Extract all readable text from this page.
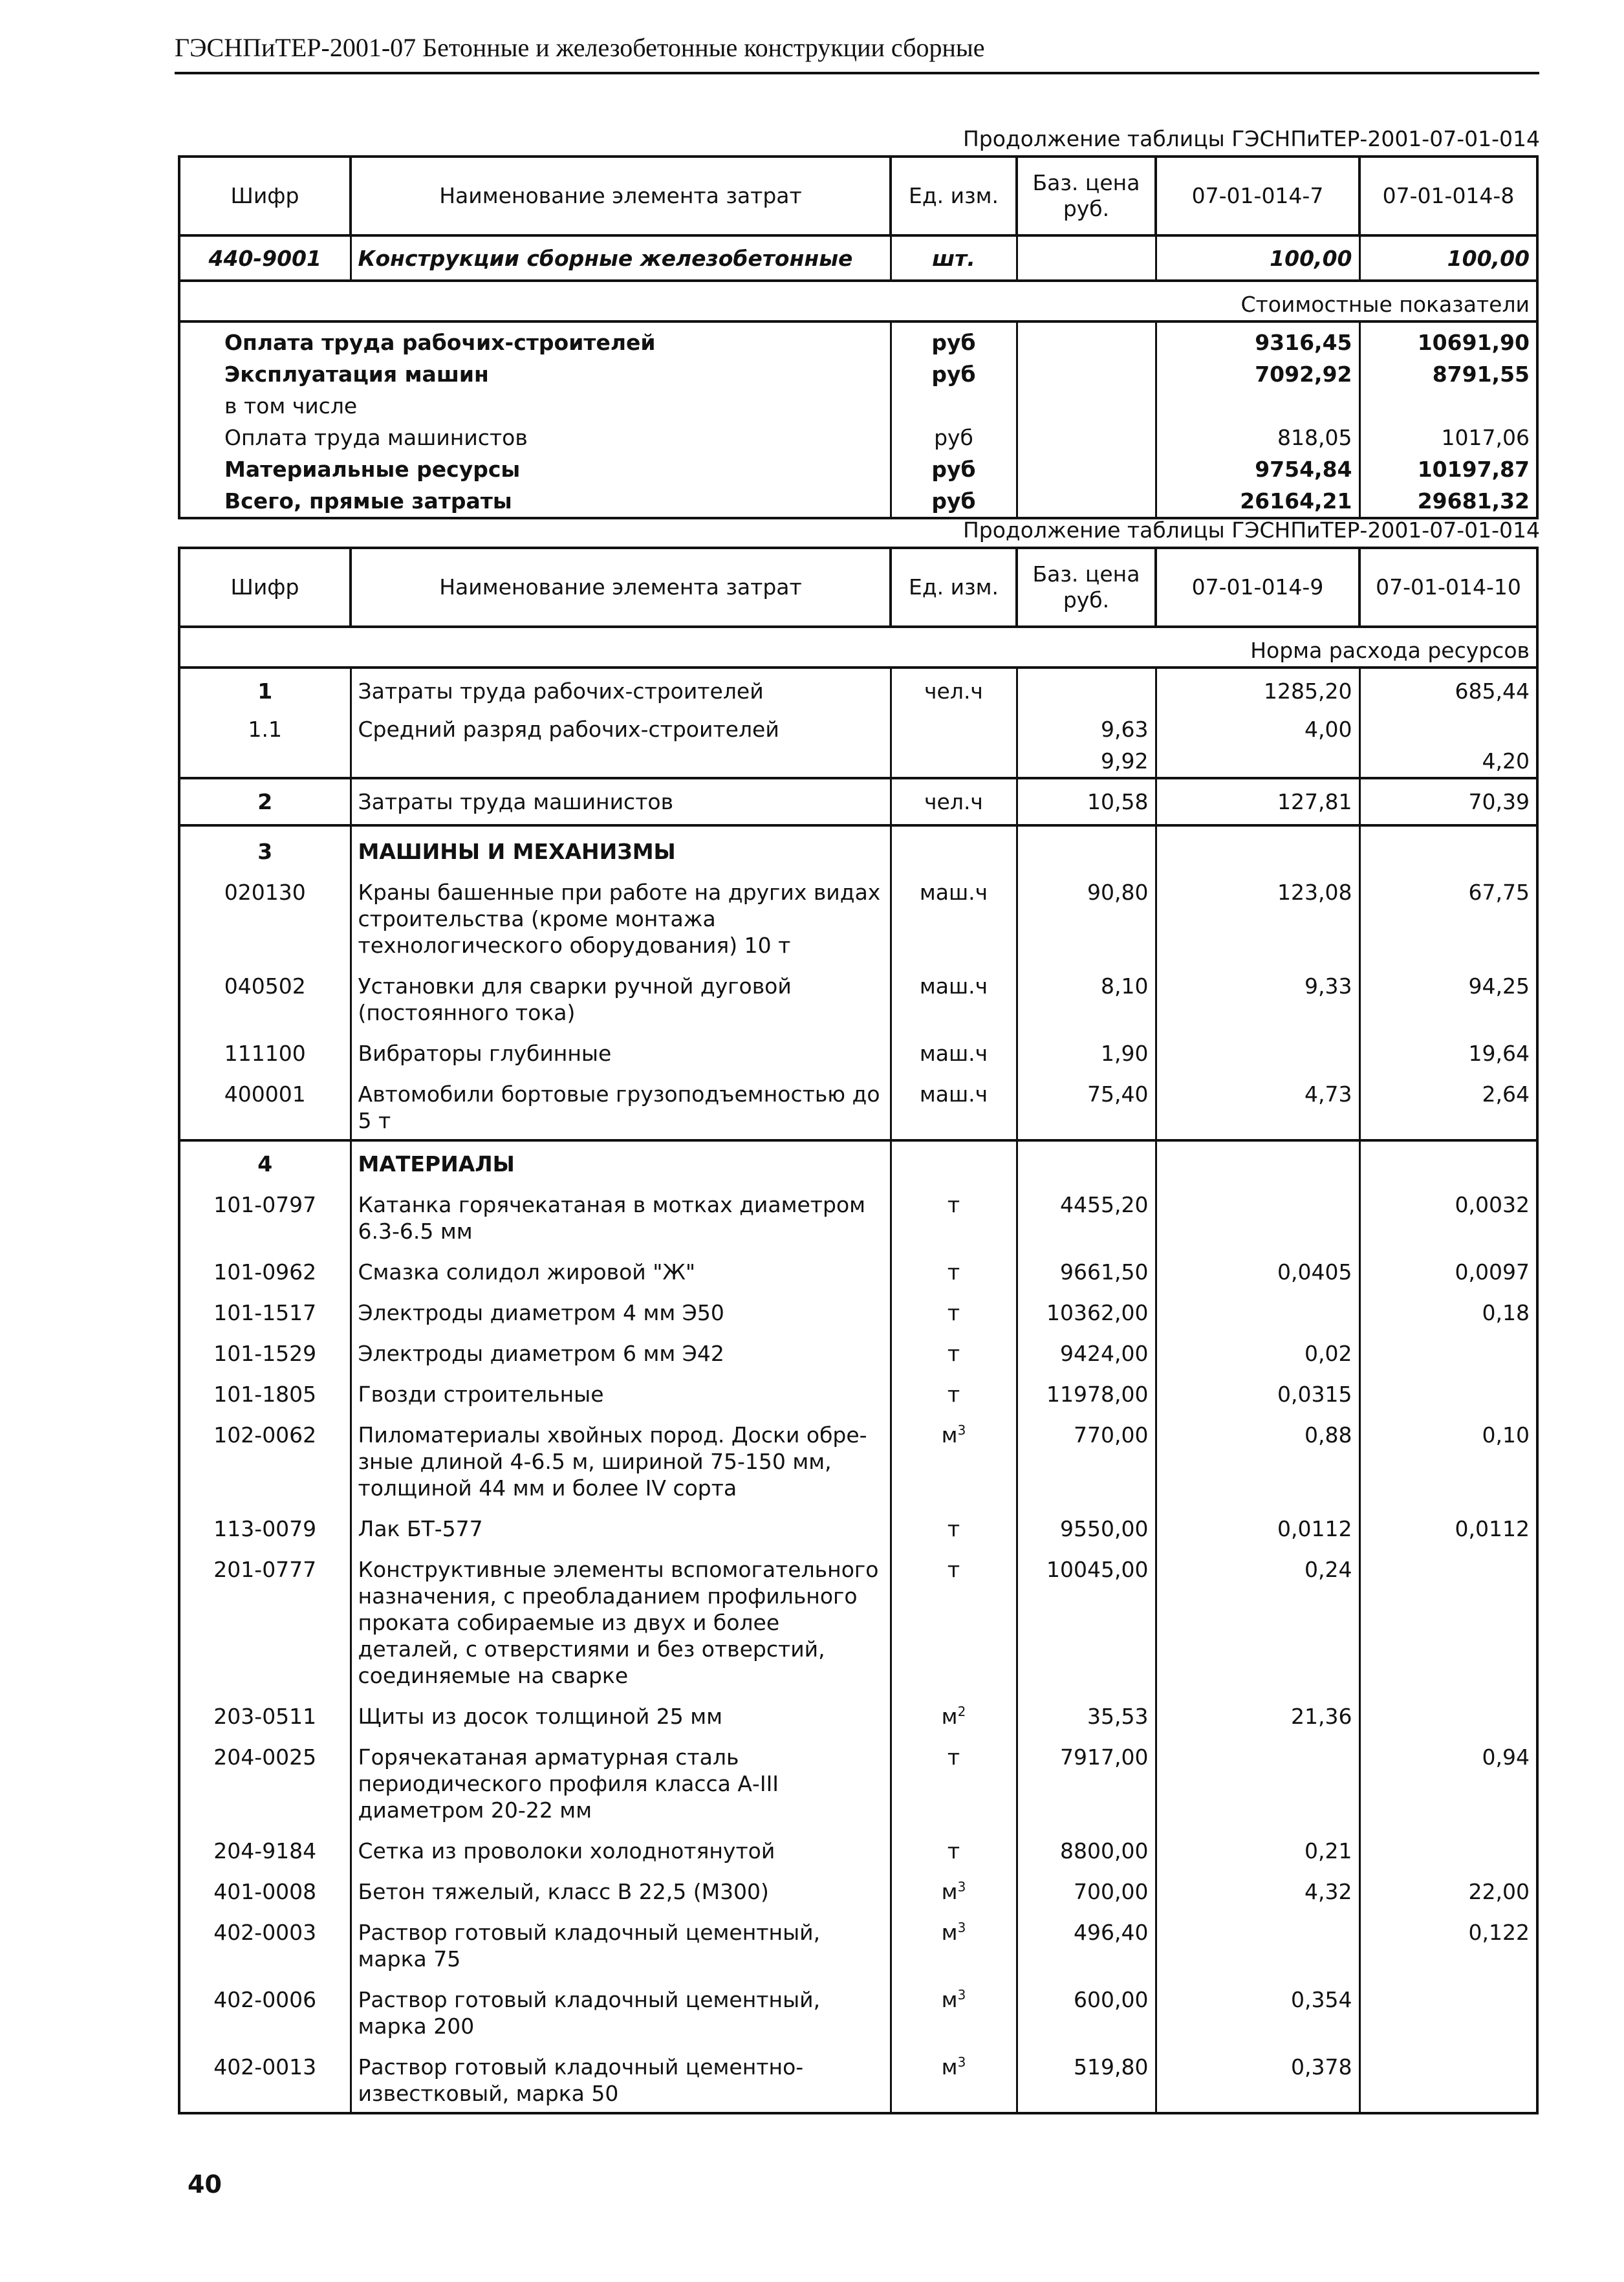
ГЭСНПиТЕР-2001-07 Бетонные и железобетонные конструкции сборные
Продолжение таблицы ГЭСНПиТЕР-2001-07-01-014
Шифр	Наименование элемента затрат	Ед. изм.	Баз. цена руб.	07-01-014-7	07-01-014-8
440-9001	Конструкции сборные железобетонные	шт.		100,00	100,00
Стоимостные показатели					
Оплата труда рабочих-строителей		руб		9316,45	10691,90
Эксплуатация машин		руб		7092,92	8791,55
в том числе					
Оплата труда машинистов		руб		818,05	1017,06
Материальные ресурсы		руб		9754,84	10197,87
Всего, прямые затраты		руб		26164,21	29681,32
Продолжение таблицы ГЭСНПиТЕР-2001-07-01-014
Шифр	Наименование элемента затрат	Ед. изм.	Баз. цена руб.	07-01-014-9	07-01-014-10
Норма расхода ресурсов					
1	Затраты труда рабочих-строителей	чел.ч		1285,20	685,44
1.1	Средний разряд рабочих-строителей		9,63	4,00	
			9,92		4,20
2	Затраты труда машинистов	чел.ч	10,58	127,81	70,39
3	МАШИНЫ И МЕХАНИЗМЫ				
020130	Краны башенные при работе на других видах строительства (кроме монтажа технологического оборудования) 10 т	маш.ч	90,80	123,08	67,75
040502	Установки для сварки ручной дуговой (постоянного тока)	маш.ч	8,10	9,33	94,25
111100	Вибраторы глубинные	маш.ч	1,90		19,64
400001	Автомобили бортовые грузоподъемностью до 5 т	маш.ч	75,40	4,73	2,64
4	МАТЕРИАЛЫ				
101-0797	Катанка горячекатаная в мотках диаметром 6.3-6.5 мм	т	4455,20		0,0032
101-0962	Смазка солидол жировой "Ж"	т	9661,50	0,0405	0,0097
101-1517	Электроды диаметром 4 мм Э50	т	10362,00		0,18
101-1529	Электроды диаметром 6 мм Э42	т	9424,00	0,02	
101-1805	Гвозди строительные	т	11978,00	0,0315	
102-0062	Пиломатериалы хвойных пород. Доски обре-зные длиной 4-6.5 м, шириной 75-150 мм, толщиной 44 мм и более IV сорта	$м^3$	770,00	0,88	0,10
113-0079	Лак БТ-577	т	9550,00	0,0112	0,0112
201-0777	Конструктивные элементы вспомогательного назначения, с преобладанием профильного проката собираемые из двух и более деталей, с отверстиями и без отверстий, соединяемые на сварке	т	10045,00	0,24	
203-0511	Щиты из досок толщиной 25 мм	$м^2$	35,53	21,36	
204-0025	Горячекатаная арматурная сталь периодического профиля класса А-III диаметром 20-22 мм	т	7917,00		0,94
204-9184	Сетка из проволоки холоднотянутой	т	8800,00	0,21	
401-0008	Бетон тяжелый, класс В 22,5 (М300)	$м^3$	700,00	4,32	22,00
402-0003	Раствор готовый кладочный цементный, марка 75	$м^3$	496,40		0,122
402-0006	Раствор готовый кладочный цементный, марка 200	$м^3$	600,00	0,354	
402-0013	Раствор готовый кладочный цементно-известковый, марка 50	$м^3$	519,80	0,378	
40
